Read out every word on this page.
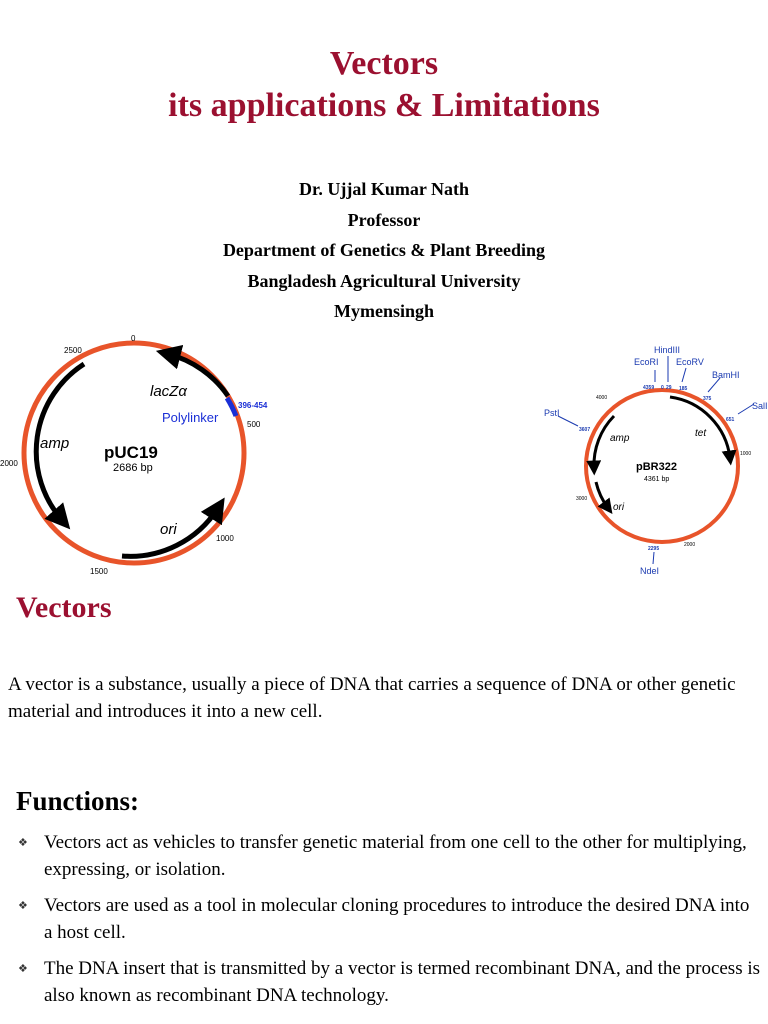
Vectors
its applications & Limitations
Dr. Ujjal Kumar Nath
Professor
Department of Genetics & Plant Breeding
Bangladesh Agricultural University
Mymensingh
0
500
1000
1500
2000
2500
lacZα
Polylinker
396-454
amp
ori
pUC19
2686 bp
HindIII
EcoRI EcoRV
BamHI
SalI
PstI
NdeI
4359 0 29 185
375
651
3607
2295
4000
1000
3000
2000
amp	tet
ori
pBR322
4361 bp
Vectors

A vector is a substance, usually a piece of DNA that carries a sequence of DNA or other genetic material and introduces it into a new cell.

Functions:
❖ Vectors act as vehicles to transfer genetic material from one cell to the other for multiplying, expressing, or isolation.
❖ Vectors are used as a tool in molecular cloning procedures to introduce the desired DNA into a host cell.
❖ The DNA insert that is transmitted by a vector is termed recombinant DNA, and the process is also known as recombinant DNA technology.
